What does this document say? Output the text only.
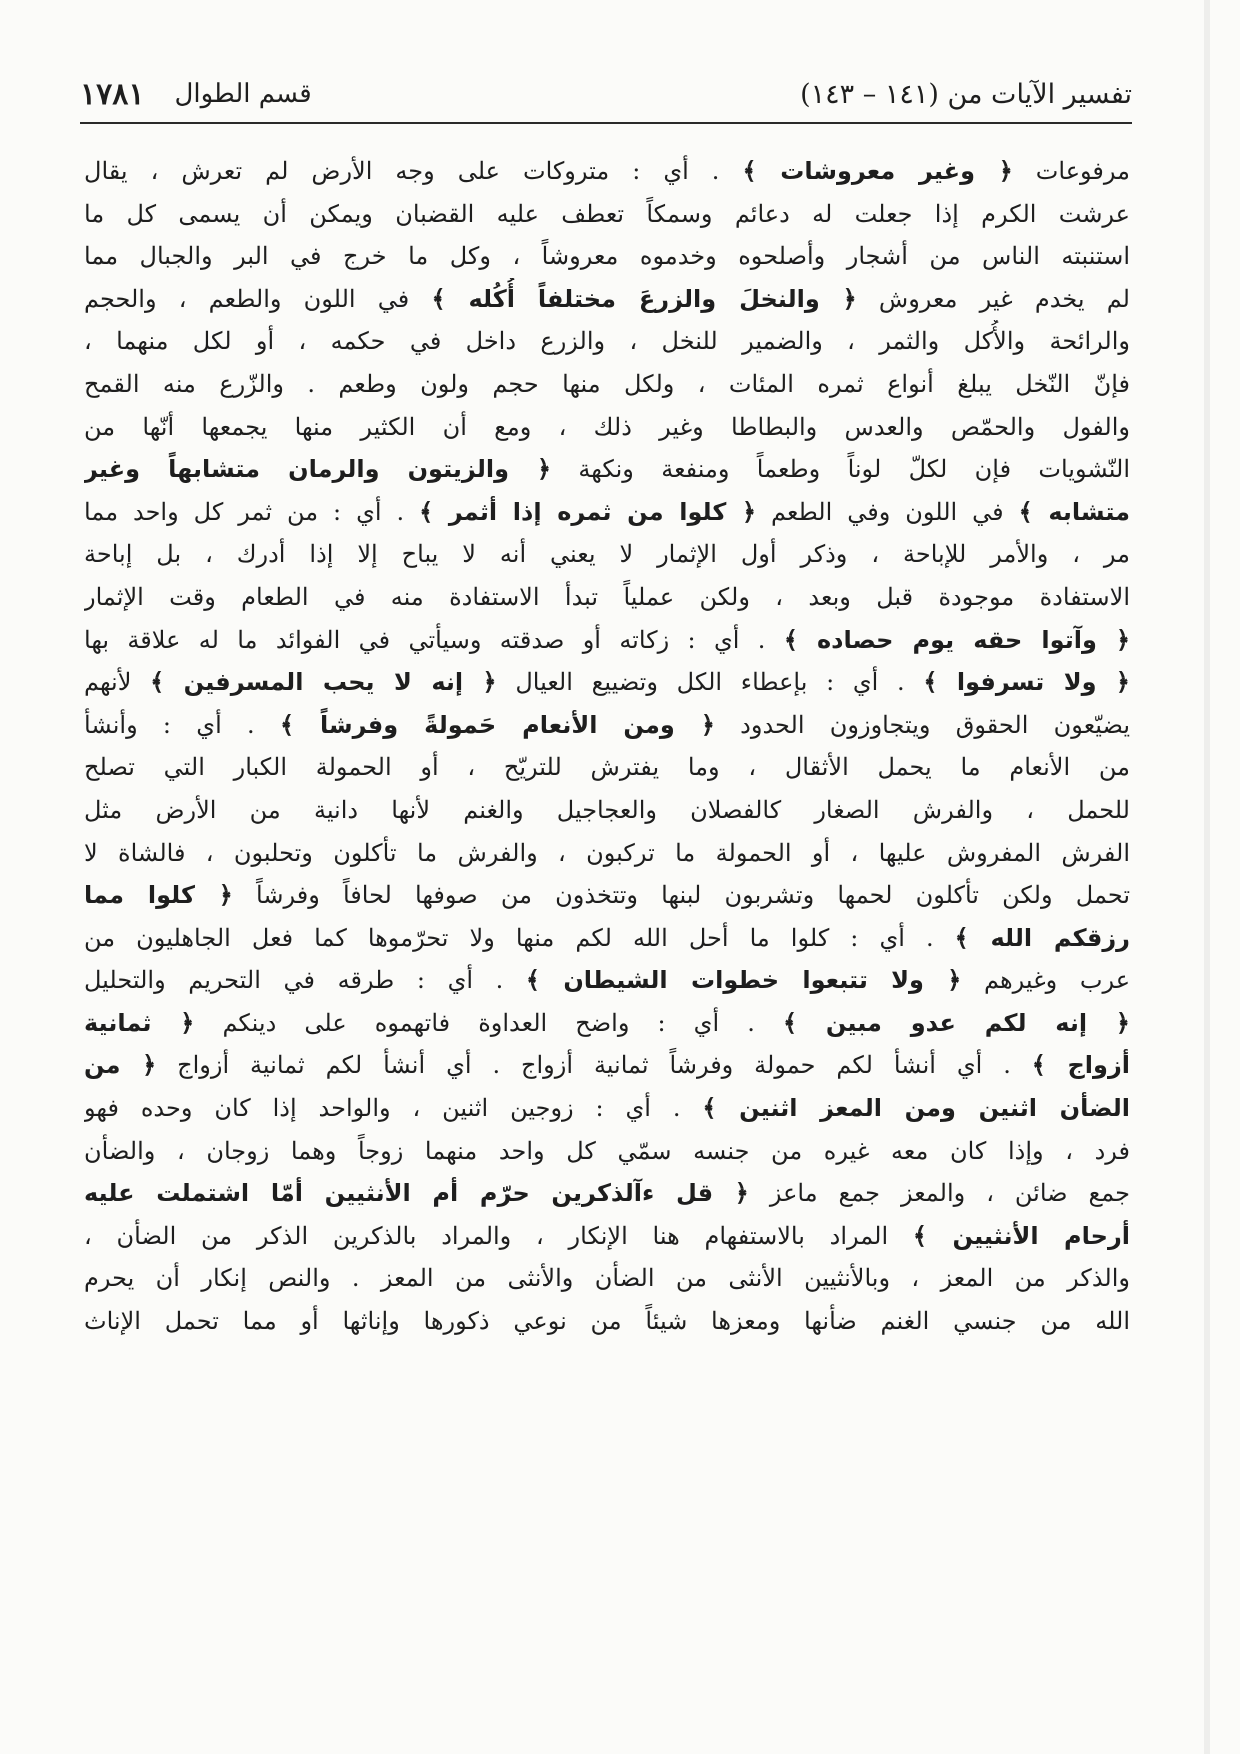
تفسير الآيات من (١٤١ – ١٤٣)
قسم الطوال
١٧٨١
مرفوعات ﴿ وغير معروشات ﴾ . أي : متروكات على وجه الأرض لم تعرش ، يقال
عرشت الكرم إذا جعلت له دعائم وسمكاً تعطف عليه القضبان ويمكن أن يسمى كل ما
استنبته الناس من أشجار وأصلحوه وخدموه معروشاً ، وكل ما خرج في البر والجبال مما
لم يخدم غير معروش ﴿ والنخلَ والزرعَ مختلفاً أُكُله ﴾ في اللون والطعم ، والحجم
والرائحة والأُكل والثمر ، والضمير للنخل ، والزرع داخل في حكمه ، أو لكل منهما ،
فإنّ النّخل يبلغ أنواع ثمره المئات ، ولكل منها حجم ولون وطعم . والزّرع منه القمح
والفول والحمّص والعدس والبطاطا وغير ذلك ، ومع أن الكثير منها يجمعها أنّها من
النّشويات فإن لكلّ لوناً وطعماً ومنفعة ونكهة ﴿ والزيتون والرمان متشابهاً وغير
متشابه ﴾ في اللون وفي الطعم ﴿ كلوا من ثمره إذا أثمر ﴾ . أي : من ثمر كل واحد مما
مر ، والأمر للإباحة ، وذكر أول الإثمار لا يعني أنه لا يباح إلا إذا أدرك ، بل إباحة
الاستفادة موجودة قبل وبعد ، ولكن عملياً تبدأ الاستفادة منه في الطعام وقت الإثمار
﴿ وآتوا حقه يوم حصاده ﴾ . أي : زكاته أو صدقته وسيأتي في الفوائد ما له علاقة بها
﴿ ولا تسرفوا ﴾ . أي : بإعطاء الكل وتضييع العيال ﴿ إنه لا يحب المسرفين ﴾ لأنهم
يضيّعون الحقوق ويتجاوزون الحدود ﴿ ومن الأنعام حَمولةً وفرشاً ﴾ . أي : وأنشأ
من الأنعام ما يحمل الأثقال ، وما يفترش للتريّح ، أو الحمولة الكبار التي تصلح
للحمل ، والفرش الصغار كالفصلان والعجاجيل والغنم لأنها دانية من الأرض مثل
الفرش المفروش عليها ، أو الحمولة ما تركبون ، والفرش ما تأكلون وتحلبون ، فالشاة لا
تحمل ولكن تأكلون لحمها وتشربون لبنها وتتخذون من صوفها لحافاً وفرشاً ﴿ كلوا مما
رزقكم الله ﴾ . أي : كلوا ما أحل الله لكم منها ولا تحرّموها كما فعل الجاهليون من
عرب وغيرهم ﴿ ولا تتبعوا خطوات الشيطان ﴾ . أي : طرقه في التحريم والتحليل
﴿ إنه لكم عدو مبين ﴾ . أي : واضح العداوة فاتهموه على دينكم ﴿ ثمانية
أزواج ﴾ . أي أنشأ لكم حمولة وفرشاً ثمانية أزواج . أي أنشأ لكم ثمانية أزواج ﴿ من
الضأن اثنين ومن المعز اثنين ﴾ . أي : زوجين اثنين ، والواحد إذا كان وحده فهو
فرد ، وإذا كان معه غيره من جنسه سمّي كل واحد منهما زوجاً وهما زوجان ، والضأن
جمع ضائن ، والمعز جمع ماعز ﴿ قل ءآلذكرين حرّم أم الأنثيين أمّا اشتملت عليه
أرحام الأنثيين ﴾ المراد بالاستفهام هنا الإنكار ، والمراد بالذكرين الذكر من الضأن ،
والذكر من المعز ، وبالأنثيين الأنثى من الضأن والأنثى من المعز . والنص إنكار أن يحرم
الله من جنسي الغنم ضأنها ومعزها شيئاً من نوعي ذكورها وإناثها أو مما تحمل الإناث
